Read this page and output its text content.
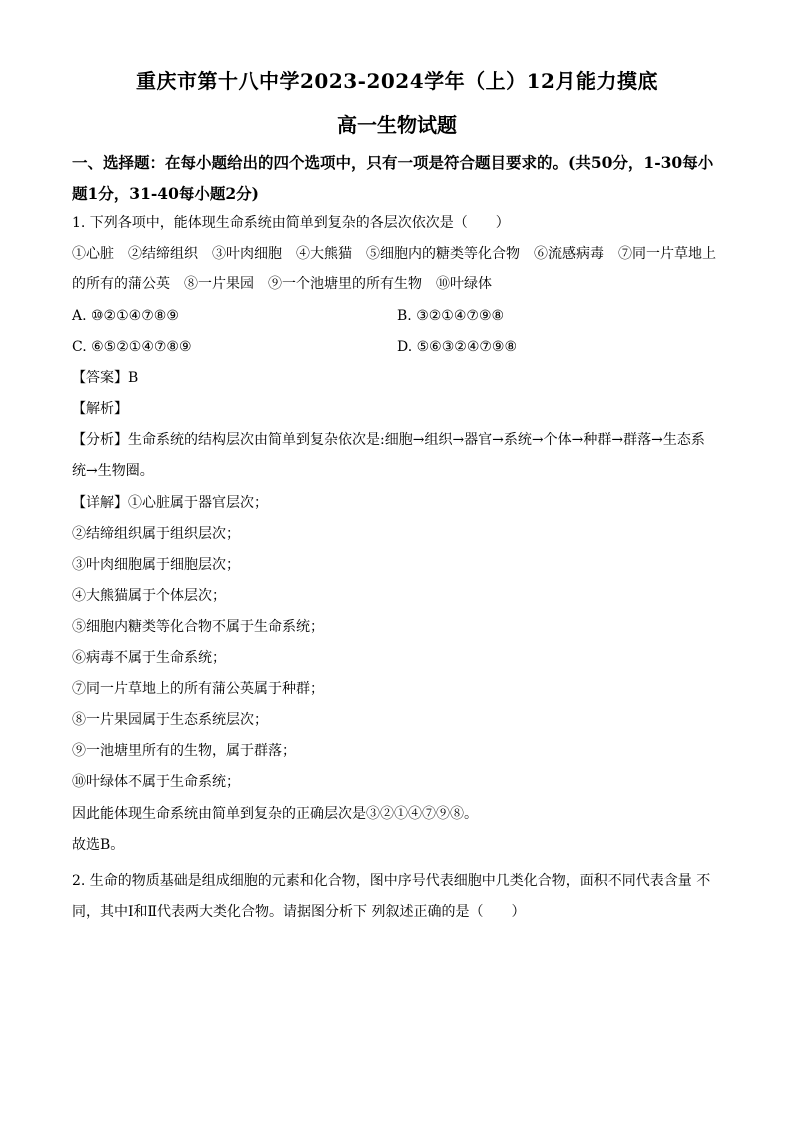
重庆市第十八中学2023-2024学年（上）12月能力摸底
高一生物试题
一、选择题：在每小题给出的四个选项中，只有一项是符合题目要求的。(共50分，1-30每小题1分，31-40每小题2分)
1. 下列各项中，能体现生命系统由简单到复杂的各层次依次是（　　）
①心脏　②结缔组织　③叶肉细胞　④大熊猫　⑤细胞内的糖类等化合物　⑥流感病毒　⑦同一片草地上
的所有的蒲公英　⑧一片果园　⑨一个池塘里的所有生物　⑩叶绿体
A. ⑩②①④⑦⑧⑨	B. ③②①④⑦⑨⑧
C. ⑥⑤②①④⑦⑧⑨	D. ⑤⑥③②④⑦⑨⑧
【答案】B
【解析】
【分析】生命系统的结构层次由简单到复杂依次是:细胞→组织→器官→系统→个体→种群→群落→生态系
统→生物圈。
【详解】①心脏属于器官层次；
②结缔组织属于组织层次；
③叶肉细胞属于细胞层次；
④大熊猫属于个体层次；
⑤细胞内糖类等化合物不属于生命系统；
⑥病毒不属于生命系统；
⑦同一片草地上的所有蒲公英属于种群；
⑧一片果园属于生态系统层次；
⑨一池塘里所有的生物，属于群落；
⑩叶绿体不属于生命系统；
因此能体现生命系统由简单到复杂的正确层次是③②①④⑦⑨⑧。
故选B。
2. 生命的物质基础是组成细胞的元素和化合物，图中序号代表细胞中几类化合物，面积不同代表含量 不同，其中Ⅰ和Ⅱ代表两大类化合物。请据图分析下 列叙述正确的是（　　）
